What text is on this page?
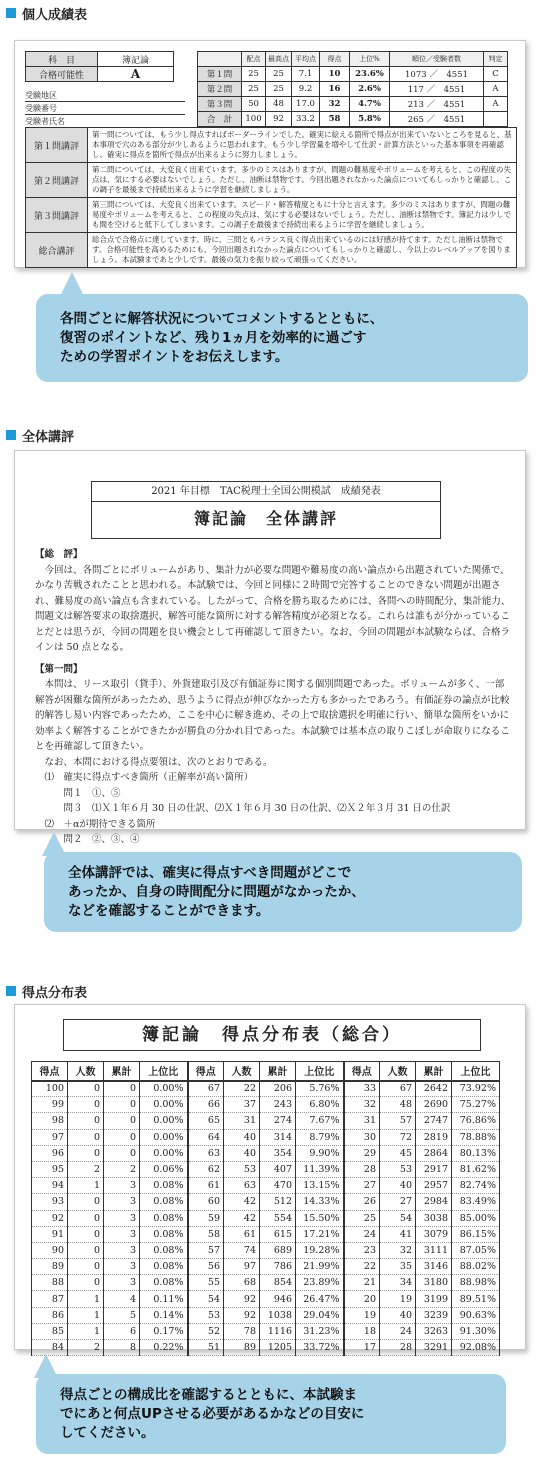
個人成績表
科　目	簿記論
合格可能性	A
受験地区
受験番号
受験者氏名
	配点	最高点	平均点	得点	上位%	順位／受験者数	判定
第１問	25	25	7.1	10	23.6%	1073 ／　4551	C
第２問	25	25	9.2	16	2.6%	117 ／　4551	A
第３問	50	48	17.0	32	4.7%	213 ／　4551	A
合　計	100	92	33.2	58	5.8%	265 ／　4551	
第１問講評	第一問については、もう少し得点すればボーダーラインでした。確実に絵える箇所で得点が出来ていないところを見ると、基本事項で穴のある部分が少しあるように思われます。もう少し学習量を増やして仕訳・計算方法といった基本事項を再確認し、確実に得点を箇所で得点が出来るように努力しましょう。
第２問講評	第二問については、大変良く出来ています。多少のミスはありますが、問題の難易度やボリュームを考えると、この程度の失点は、気にする必要はないでしょう。ただし、油断は禁物です。今回出題されなかった論点についてもしっかりと確認し、この調子を最後まで持続出来るように学習を継続しましょう。
第３問講評	第三問については、大変良く出来ています。スピード・解答精度ともに十分と言えます。多少のミスはありますが、問題の難易度やボリュームを考えると、この程度の失点は、気にする必要はないでしょう。ただし、油断は禁物です。簿記力は少しでも間を空けると低下してしまいます。この調子を最後まで持続出来るように学習を継続しましょう。
総合講評	総合点で合格点に達しています。時に、三問ともバランス良く得点出来ているのには好感が持てます。ただし油断は禁物です。合格可能性を高めるためにも、今回出題されなかった論点についてもしっかりと確認し、今以上のレベルアップを図りましょう。本試験まであと少しです。最後の気力を振り絞って頑張ってください。
各問ごとに解答状況についてコメントするとともに、
復習のポイントなど、残り1ヵ月を効率的に過ごす
ための学習ポイントをお伝えします。
全体講評
2021 年目標　TAC税理士全国公開模試　成績発表
簿記論　全体講評
【総　評】

今回は、各問ごとにボリュームがあり、集計力が必要な問題や難易度の高い論点から出題されていた関係で、かなり苦戦されたことと思われる。本試験では、今回と同様に２時間で完答することのできない問題が出題され、難易度の高い論点も含まれている。したがって、合格を勝ち取るためには、各問への時間配分、集計能力、問題文は解答要求の取捨選択、解答可能な箇所に対する解答精度が必須となる。これらは誰もが分かっていることだとは思うが、今回の問題を良い機会として再確認して頂きたい。なお、今回の問題が本試験ならば、合格ラインは 50 点となる。

【第一問】

本問は、リース取引（貸手）、外貨建取引及び有価証券に関する個別問題であった。ボリュームが多く、一部解答が困難な箇所があったため、思うように得点が伸びなかった方も多かったであろう。有価証券の論点が比較的解答し易い内容であったため、ここを中心に解き進め、その上で取捨選択を明確に行い、簡単な箇所をいかに効率よく解答することができたかが勝負の分かれ目であった。本試験では基本点の取りこぼしが命取りになることを再確認して頂きたい。

なお、本問における得点要領は、次のとおりである。

⑴　確実に得点すべき箇所（正解率が高い箇所）
問１　①、⑤
問３　⑴Ｘ１年６月 30 日の仕訳、⑵Ｘ１年６月 30 日の仕訳、⑵Ｘ２年３月 31 日の仕訳
⑵　＋αが期待できる箇所
問２　②、③、④
全体講評では、確実に得点すべき問題がどこで
あったか、自身の時間配分に問題がなかったか、
などを確認することができます。
得点分布表
簿記論　得点分布表（総合）
得点	人数	累計	上位比	得点	人数	累計	上位比	得点	人数	累計	上位比
100	0	0	0.00%	67	22	206	5.76%	33	67	2642	73.92%
99	0	0	0.00%	66	37	243	6.80%	32	48	2690	75.27%
98	0	0	0.00%	65	31	274	7.67%	31	57	2747	76.86%
97	0	0	0.00%	64	40	314	8.79%	30	72	2819	78.88%
96	0	0	0.00%	63	40	354	9.90%	29	45	2864	80.13%
95	2	2	0.06%	62	53	407	11.39%	28	53	2917	81.62%
94	1	3	0.08%	61	63	470	13.15%	27	40	2957	82.74%
93	0	3	0.08%	60	42	512	14.33%	26	27	2984	83.49%
92	0	3	0.08%	59	42	554	15.50%	25	54	3038	85.00%
91	0	3	0.08%	58	61	615	17.21%	24	41	3079	86.15%
90	0	3	0.08%	57	74	689	19.28%	23	32	3111	87.05%
89	0	3	0.08%	56	97	786	21.99%	22	35	3146	88.02%
88	0	3	0.08%	55	68	854	23.89%	21	34	3180	88.98%
87	1	4	0.11%	54	92	946	26.47%	20	19	3199	89.51%
86	1	5	0.14%	53	92	1038	29.04%	19	40	3239	90.63%
85	1	6	0.17%	52	78	1116	31.23%	18	24	3263	91.30%
84	2	8	0.22%	51	89	1205	33.72%	17	28	3291	92.08%
得点ごとの構成比を確認するとともに、本試験ま
でにあと何点UPさせる必要があるかなどの目安に
してください。
